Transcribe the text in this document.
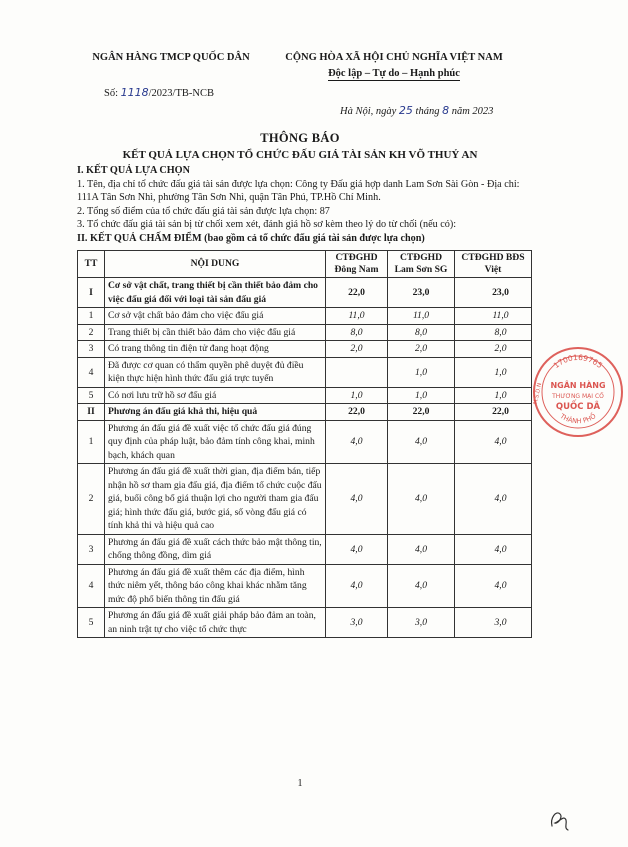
NGÂN HÀNG TMCP QUỐC DÂN	CỘNG HÒA XÃ HỘI CHỦ NGHĨA VIỆT NAM
Độc lập – Tự do – Hạnh phúc
Số: 1118/2023/TB-NCB
Hà Nội, ngày 25 tháng 8 năm 2023
THÔNG BÁO
KẾT QUẢ LỰA CHỌN TỔ CHỨC ĐẤU GIÁ TÀI SẢN KH VÕ THUỶ AN

I. KẾT QUẢ LỰA CHỌN

1. Tên, địa chỉ tổ chức đấu giá tài sản được lựa chọn: Công ty Đấu giá hợp danh Lam Sơn Sài Gòn - Địa chỉ: 111A Tân Sơn Nhì, phường Tân Sơn Nhì, quận Tân Phú, TP.Hồ Chí Minh.

2. Tổng số điểm của tổ chức đấu giá tài sản được lựa chọn: 87

3. Tổ chức đấu giá tài sản bị từ chối xem xét, đánh giá hồ sơ kèm theo lý do từ chối (nếu có):

II. KẾT QUẢ CHẤM ĐIỂM (bao gồm cả tổ chức đấu giá tài sản được lựa chọn)

TT	NỘI DUNG	CTĐGHD Đông Nam	CTĐGHD Lam Sơn SG	CTĐGHD BĐS Việt
I	Cơ sở vật chất, trang thiết bị cần thiết bảo đảm cho việc đấu giá đối với loại tài sản đấu giá	22,0	23,0	23,0
1	Cơ sở vật chất bảo đảm cho việc đấu giá	11,0	11,0	11,0
2	Trang thiết bị cần thiết bảo đảm cho việc đấu giá	8,0	8,0	8,0
3	Có trang thông tin điện tử đang hoạt động	2,0	2,0	2,0
4	Đã được cơ quan có thẩm quyền phê duyệt đủ điều kiện thực hiện hình thức đấu giá trực tuyến		1,0	1,0
5	Có nơi lưu trữ hồ sơ đấu giá	1,0	1,0	1,0
II	Phương án đấu giá khả thi, hiệu quả	22,0	22,0	22,0
1	Phương án đấu giá đề xuất việc tổ chức đấu giá đúng quy định của pháp luật, bảo đảm tính công khai, minh bạch, khách quan	4,0	4,0	4,0
2	Phương án đấu giá đề xuất thời gian, địa điểm bán, tiếp nhận hồ sơ tham gia đấu giá, địa điểm tổ chức cuộc đấu giá, buổi công bố giá thuận lợi cho người tham gia đấu giá; hình thức đấu giá, bước giá, số vòng đấu giá có tính khả thi và hiệu quả cao	4,0	4,0	4,0
3	Phương án đấu giá đề xuất cách thức bảo mật thông tin, chống thông đồng, dìm giá	4,0	4,0	4,0
4	Phương án đấu giá đề xuất thêm các địa điểm, hình thức niêm yết, thông báo công khai khác nhằm tăng mức độ phổ biến thông tin đấu giá	4,0	4,0	4,0
5	Phương án đấu giá đề xuất giải pháp bảo đảm an toàn, an ninh trật tự cho việc tổ chức thực	3,0	3,0	3,0
1700169765
NGÂN HÀNG
THƯƠNG MẠI CỔ
QUỐC DÂ
THÀNH PHỐ
M.S.D.N
1
